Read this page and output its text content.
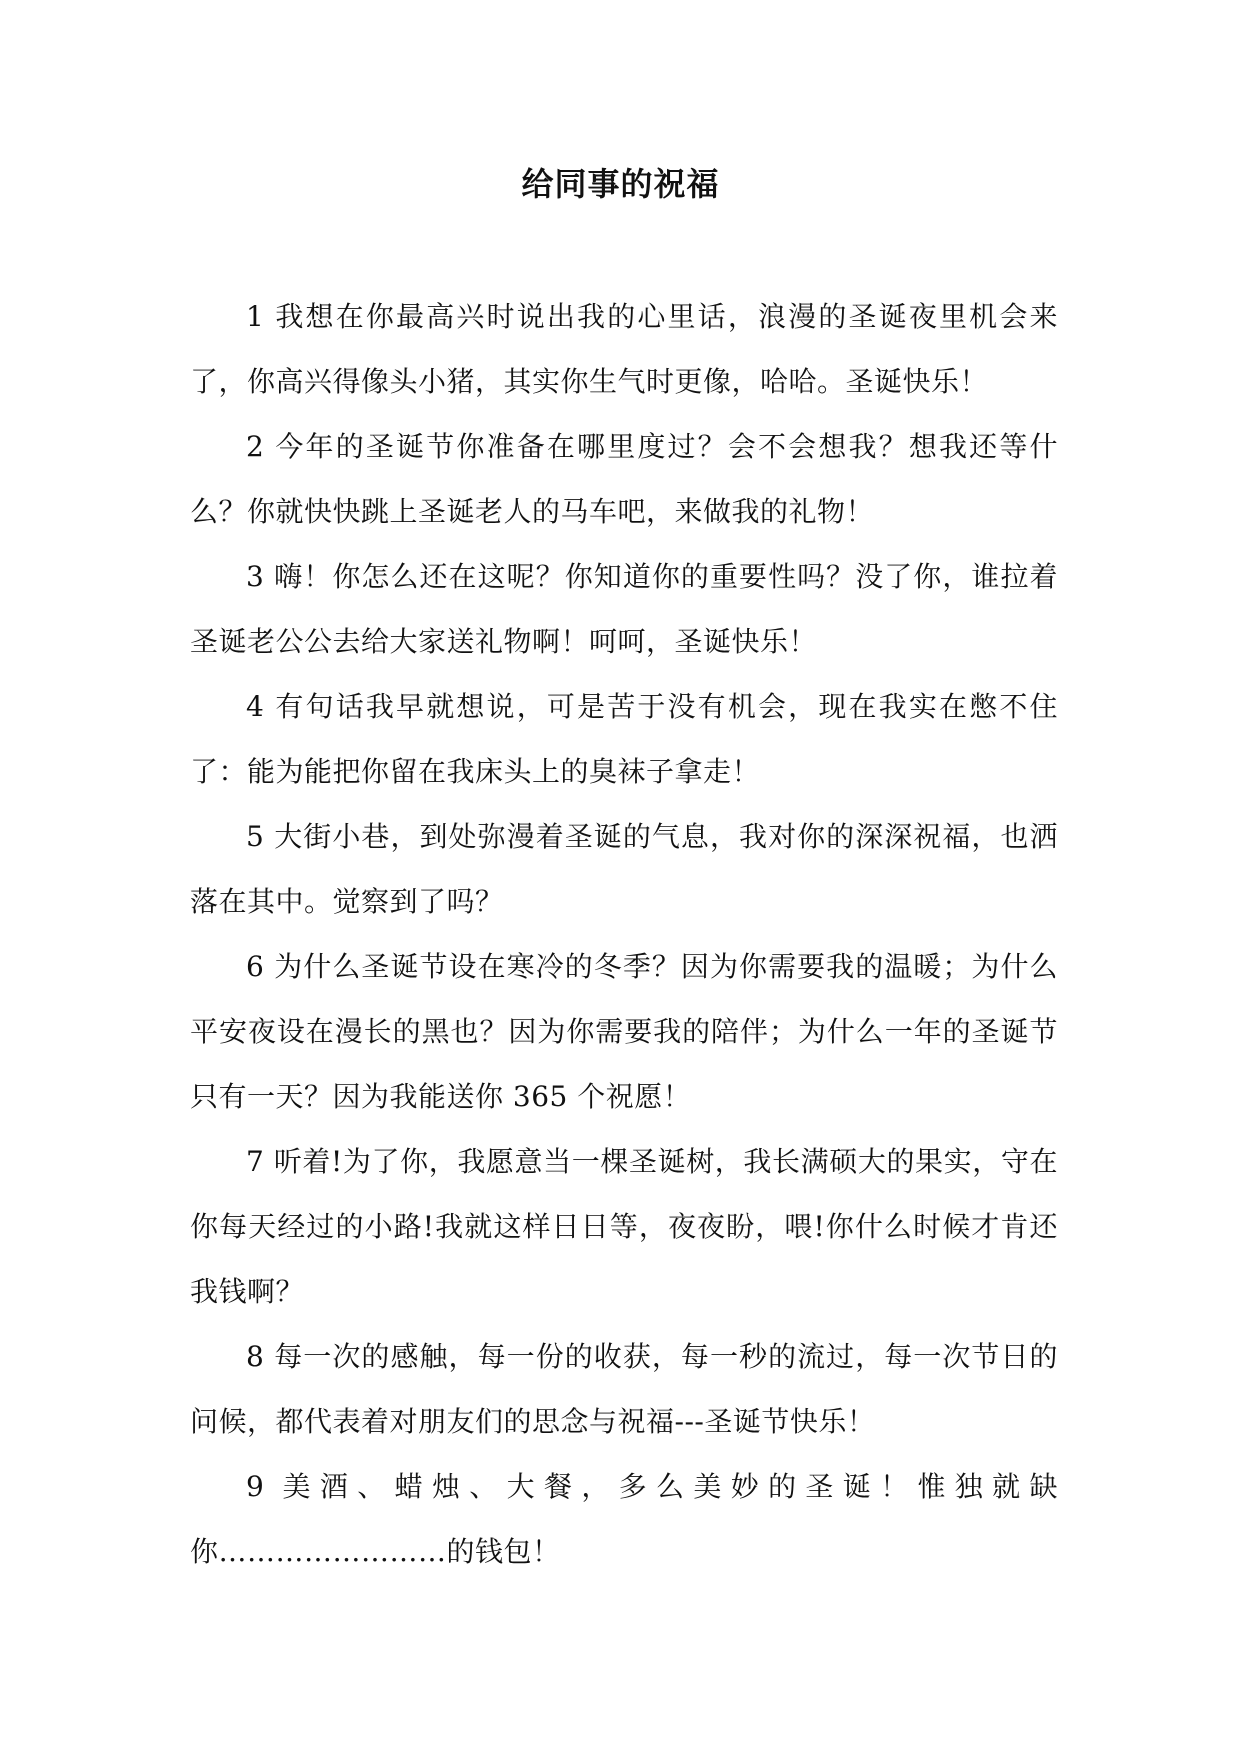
给同事的祝福

1 我想在你最高兴时说出我的心里话，浪漫的圣诞夜里机会来了，你高兴得像头小猪，其实你生气时更像，哈哈。圣诞快乐！

2 今年的圣诞节你准备在哪里度过？会不会想我？想我还等什么？你就快快跳上圣诞老人的马车吧，来做我的礼物！

3 嗨！你怎么还在这呢？你知道你的重要性吗？没了你，谁拉着圣诞老公公去给大家送礼物啊！呵呵，圣诞快乐！

4 有句话我早就想说，可是苦于没有机会，现在我实在憋不住了：能为能把你留在我床头上的臭袜子拿走！

5 大街小巷，到处弥漫着圣诞的气息，我对你的深深祝福，也洒落在其中。觉察到了吗？

6 为什么圣诞节设在寒冷的冬季？因为你需要我的温暖；为什么平安夜设在漫长的黑也？因为你需要我的陪伴；为什么一年的圣诞节只有一天？因为我能送你 365 个祝愿！

7 听着!为了你，我愿意当一棵圣诞树，我长满硕大的果实，守在你每天经过的小路!我就这样日日等，夜夜盼，喂!你什么时候才肯还我钱啊？

8 每一次的感触，每一份的收获，每一秒的流过，每一次节日的问候，都代表着对朋友们的思念与祝福---圣诞节快乐！

9 美酒、蜡烛、大餐，多么美妙的圣诞！惟独就缺你……………………的钱包！
